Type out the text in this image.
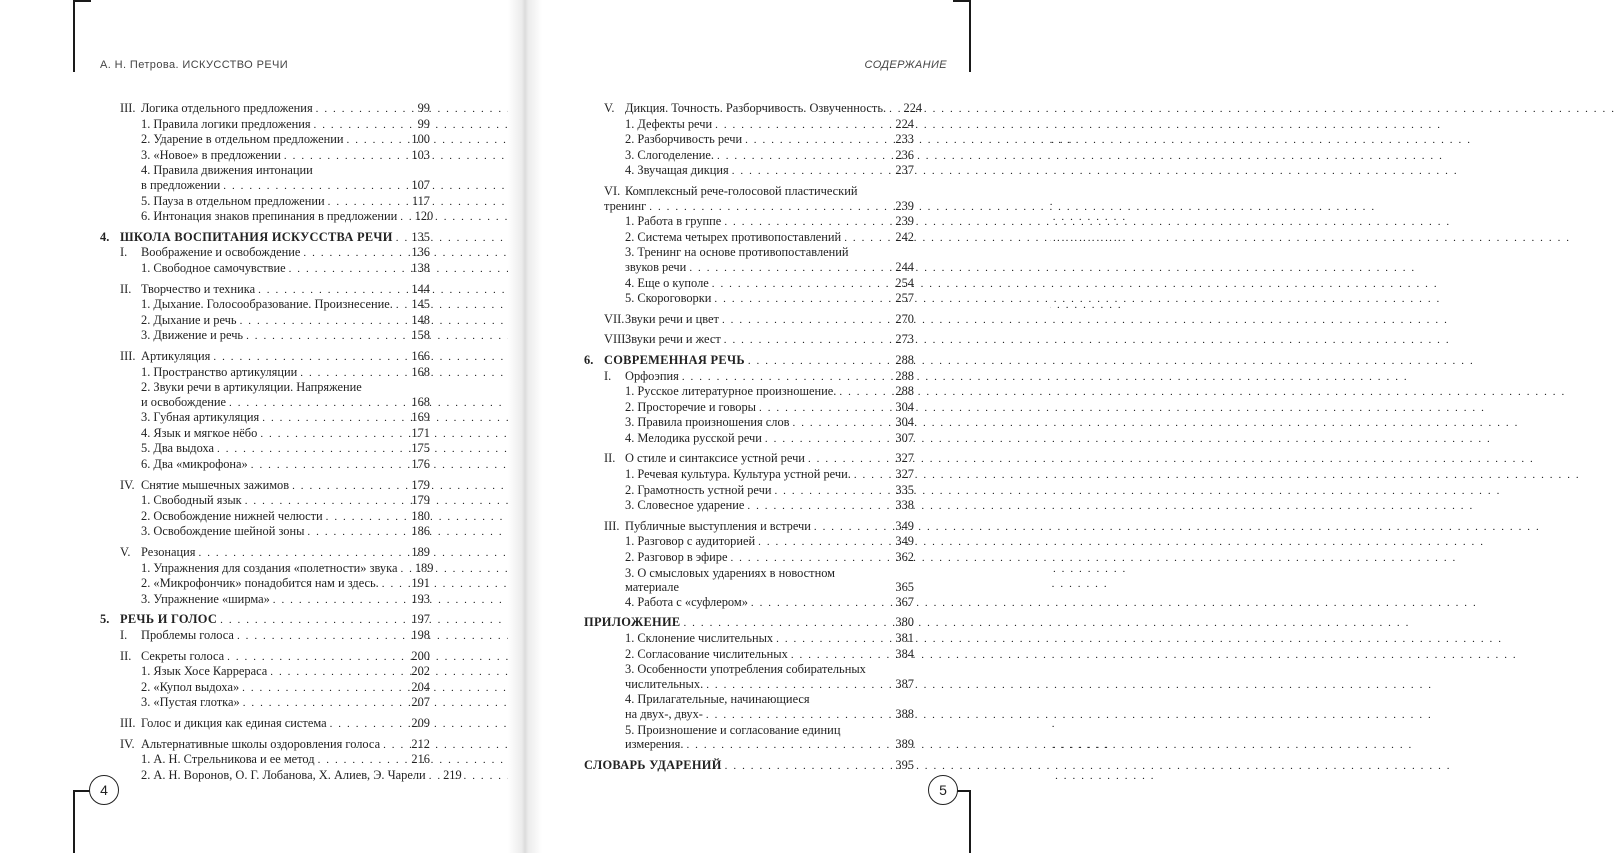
А. Н. Петрова. ИСКУССТВО РЕЧИ
III. Логика отдельного предложения . . .	99
1. Правила логики предложения . . .	99
2. Ударение в отдельном предложении . . .	100
3. «Новое» в предложении . . .	103
4. Правила движения интонации
в предложении . . .	107
5. Пауза в отдельном предложении . . .	117
6. Интонация знаков препинания в предложении . . .	120
4. ШКОЛА ВОСПИТАНИЯ ИСКУССТВА РЕЧИ . . .	135
I. Воображение и освобождение . . .	136
1. Свободное самочувствие . . .	138
II. Творчество и техника . . .	144
1. Дыхание. Голосообразование. Произнесение. . . .	145
2. Дыхание и речь . . .	148
3. Движение и речь . . .	158
III. Артикуляция . . .	166
1. Пространство артикуляции . . .	168
2. Звуки речи в артикуляции. Напряжение
и освобождение . . .	168
3. Губная артикуляция . . .	169
4. Язык и мягкое нёбо . . .	171
5. Два выдоха . . .	175
6. Два «микрофона» . . .	176
IV. Снятие мышечных зажимов . . .	179
1. Свободный язык . . .	179
2. Освобождение нижней челюсти . . .	180
3. Освобождение шейной зоны . . .	186
V. Резонация . . .	189
1. Упражнения для создания «полетности» звука . . .	189
2. «Микрофончик» понадобится нам и здесь. . . .	191
3. Упражнение «ширма» . . .	193
5. РЕЧЬ И ГОЛОС . . .	197
I. Проблемы голоса . . .	198
II. Секреты голоса . . .	200
1. Язык Хосе Каррераса . . .	202
2. «Купол выдоха» . . .	204
3. «Пустая глотка» . . .	207
III. Голос и дикция как единая система . . .	209
IV. Альтернативные школы оздоровления голоса . . .	212
1. А. Н. Стрельникова и ее метод . . .	216
2. А. Н. Воронов, О. Г. Лобанова, Х. Алиев, Э. Чарели . . .	219
4
СОДЕРЖАНИЕ
V. Дикция. Точность. Разборчивость. Озвученность. . . .	224
1. Дефекты речи . . .	224
2. Разборчивость речи . . .	233
3. Слогоделение. . . .	236
4. Звучащая дикция . . .	237
VI. Комплексный рече-голосовой пластический
тренинг . . .	239
1. Работа в группе . . .	239
2. Система четырех противопоставлений . . .	242
3. Тренинг на основе противопоставлений
звуков речи . . .	244
4. Еще о куполе . . .	254
5. Скороговорки . . .	257
VII.Звуки речи и цвет . . .	270
VIII.Звуки речи и жест . . .	273
6. СОВРЕМЕННАЯ РЕЧЬ . . .	288
I. Орфоэпия . . .	288
1. Русское литературное произношение. . . .	288
2. Просторечие и говоры . . .	304
3. Правила произношения слов . . .	304
4. Мелодика русской речи . . .	307
II. О стиле и синтаксисе устной речи . . .	327
1. Речевая культура. Культура устной речи. . . .	327
2. Грамотность устной речи . . .	335
3. Словесное ударение . . .	338
III. Публичные выступления и встречи . . .	349
1. Разговор с аудиторией . . .	349
2. Разговор в эфире . . .	362
3. О смысловых ударениях в новостном
материале	365
4. Работа с «суфлером» . . .	367
ПРИЛОЖЕНИЕ . . .	380
1. Склонение числительных . . .	381
2. Согласование числительных . . .	384
3. Особенности употребления собирательных
числительных. . . .	387
4. Прилагательные, начинающиеся
на двух-, двух- . . .	388
5. Произношение и согласование единиц
измерения. . . .	389
СЛОВАРЬ УДАРЕНИЙ . . .	395
5
